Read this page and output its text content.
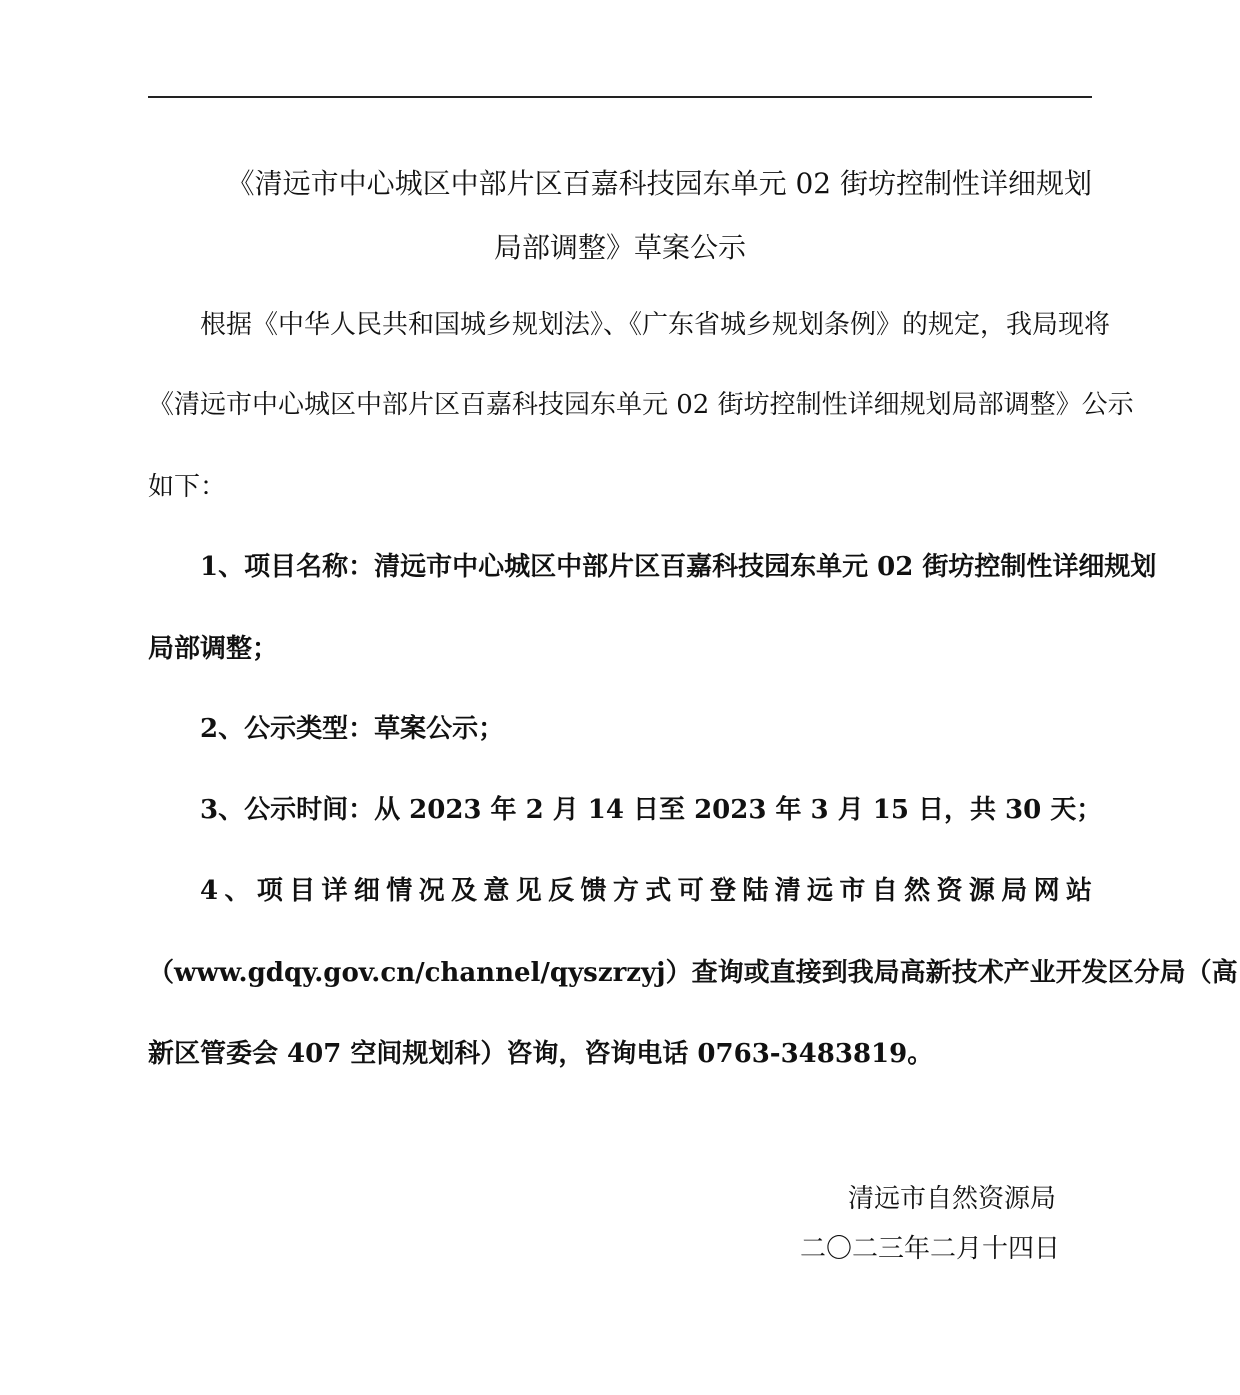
《清远市中心城区中部片区百嘉科技园东单元 02 街坊控制性详细规划
局部调整》草案公示
根据《中华人民共和国城乡规划法》、《广东省城乡规划条例》的规定，我局现将
《清远市中心城区中部片区百嘉科技园东单元 02 街坊控制性详细规划局部调整》公示
如下：
1、项目名称：清远市中心城区中部片区百嘉科技园东单元 02 街坊控制性详细规划
局部调整；
2、公示类型：草案公示；
3、公示时间：从 2023 年 2 月 14 日至 2023 年 3 月 15 日，共 30 天；
4、项目详细情况及意见反馈方式可登陆清远市自然资源局网站
（www.gdqy.gov.cn/channel/qyszrzyj）查询或直接到我局高新技术产业开发区分局（高
新区管委会 407 空间规划科）咨询，咨询电话 0763-3483819。
清远市自然资源局
二〇二三年二月十四日
